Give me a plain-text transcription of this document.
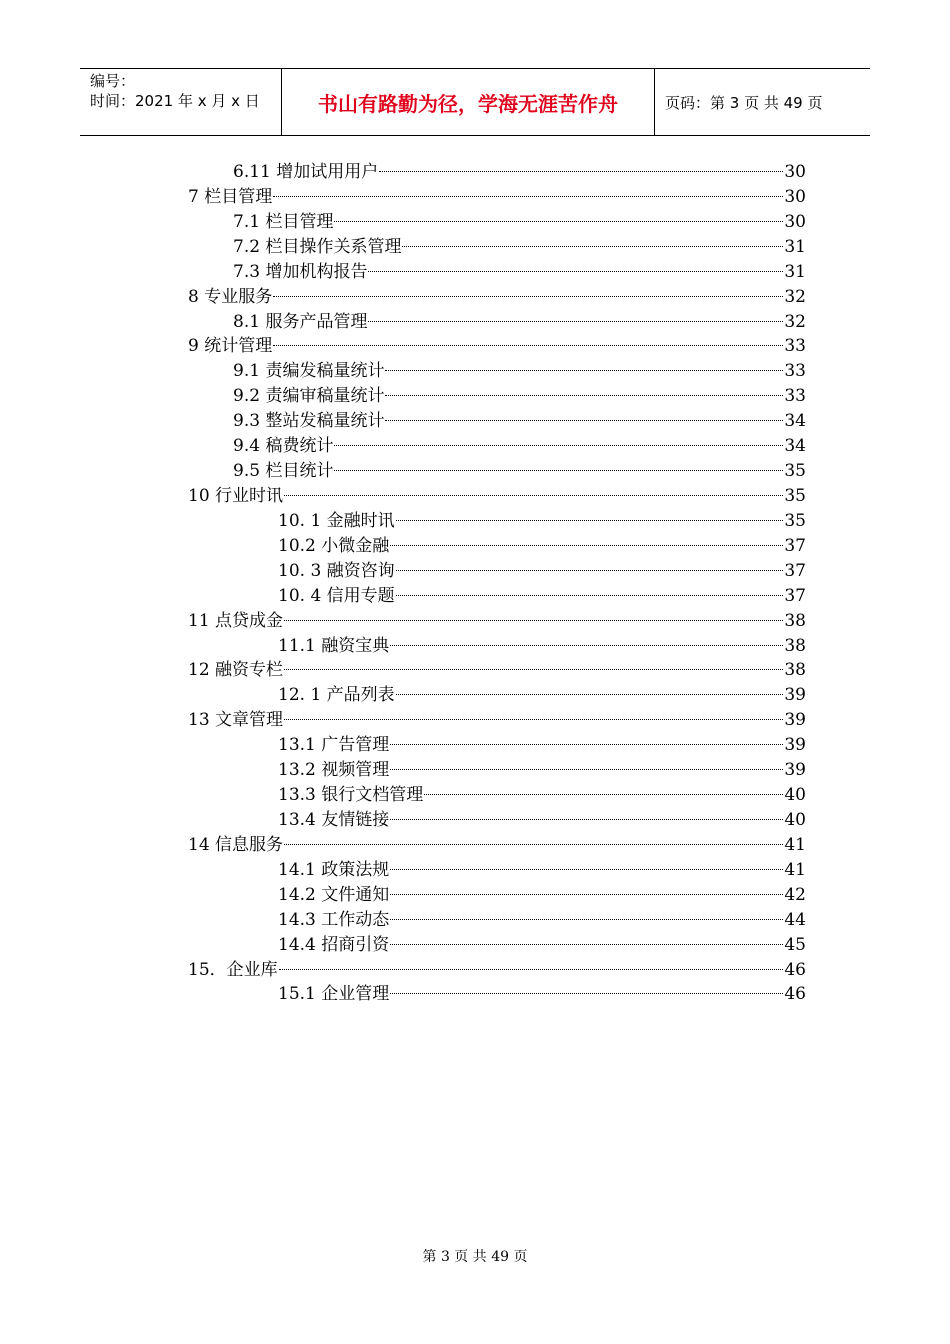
编号：
时间：2021 年 x 月 x 日	书山有路勤为径，学海无涯苦作舟	页码：第 3 页 共 49 页
6.11 增加试用用户	30
7 栏目管理	30
7.1 栏目管理	30
7.2 栏目操作关系管理	31
7.3 增加机构报告	31
8 专业服务	32
8.1 服务产品管理	32
9 统计管理	33
9.1 责编发稿量统计	33
9.2 责编审稿量统计	33
9.3 整站发稿量统计	34
9.4 稿费统计	34
9.5 栏目统计	35
10 行业时讯	35
10. 1 金融时讯	35
10.2 小微金融	37
10. 3 融资咨询	37
10. 4 信用专题	37
11 点贷成金	38
11.1 融资宝典	38
12 融资专栏	38
12. 1 产品列表	39
13 文章管理	39
13.1 广告管理	39
13.2 视频管理	39
13.3 银行文档管理	40
13.4 友情链接	40
14 信息服务	41
14.1 政策法规	41
14.2 文件通知	42
14.3 工作动态	44
14.4 招商引资	45
15．企业库	46
15.1 企业管理	46
第 3 页 共 49 页
